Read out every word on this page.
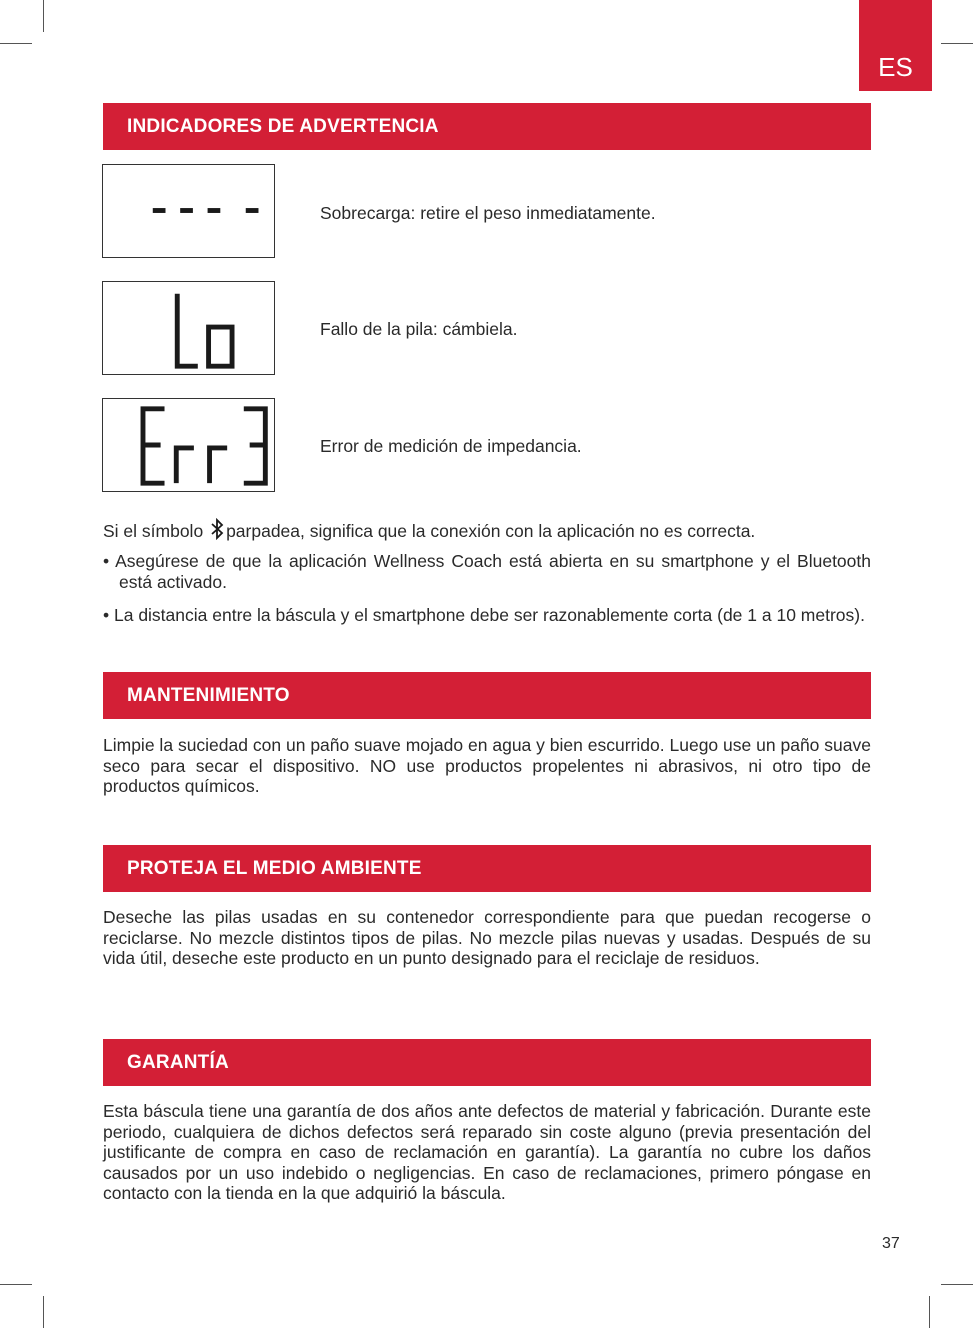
ES
INDICADORES DE ADVERTENCIA
Sobrecarga: retire el peso inmediatamente.
Fallo de la pila: cámbiela.
Error de medición de impedancia.
Si el símbolo parpadea, significa que la conexión con la aplicación no es correcta.
• Asegúrese de que la aplicación Wellness Coach está abierta en su smartphone y el Bluetooth está activado.
• La distancia entre la báscula y el smartphone debe ser razonablemente corta (de 1 a 10 metros).
MANTENIMIENTO
Limpie la suciedad con un paño suave mojado en agua y bien escurrido. Luego use un paño suave seco para secar el dispositivo. NO use productos propelentes ni abrasivos, ni otro tipo de productos químicos.
PROTEJA EL MEDIO AMBIENTE
Deseche las pilas usadas en su contenedor correspondiente para que puedan recogerse o reciclarse. No mezcle distintos tipos de pilas. No mezcle pilas nuevas y usadas. Después de su vida útil, deseche este producto en un punto designado para el reciclaje de residuos.
GARANTÍA
Esta báscula tiene una garantía de dos años ante defectos de material y fabricación. Durante este periodo, cualquiera de dichos defectos será reparado sin coste alguno (previa presentación del justificante de compra en caso de reclamación en garantía). La garantía no cubre los daños causados por un uso indebido o negligencias. En caso de reclamaciones, primero póngase en contacto con la tienda en la que adquirió la báscula.
37
